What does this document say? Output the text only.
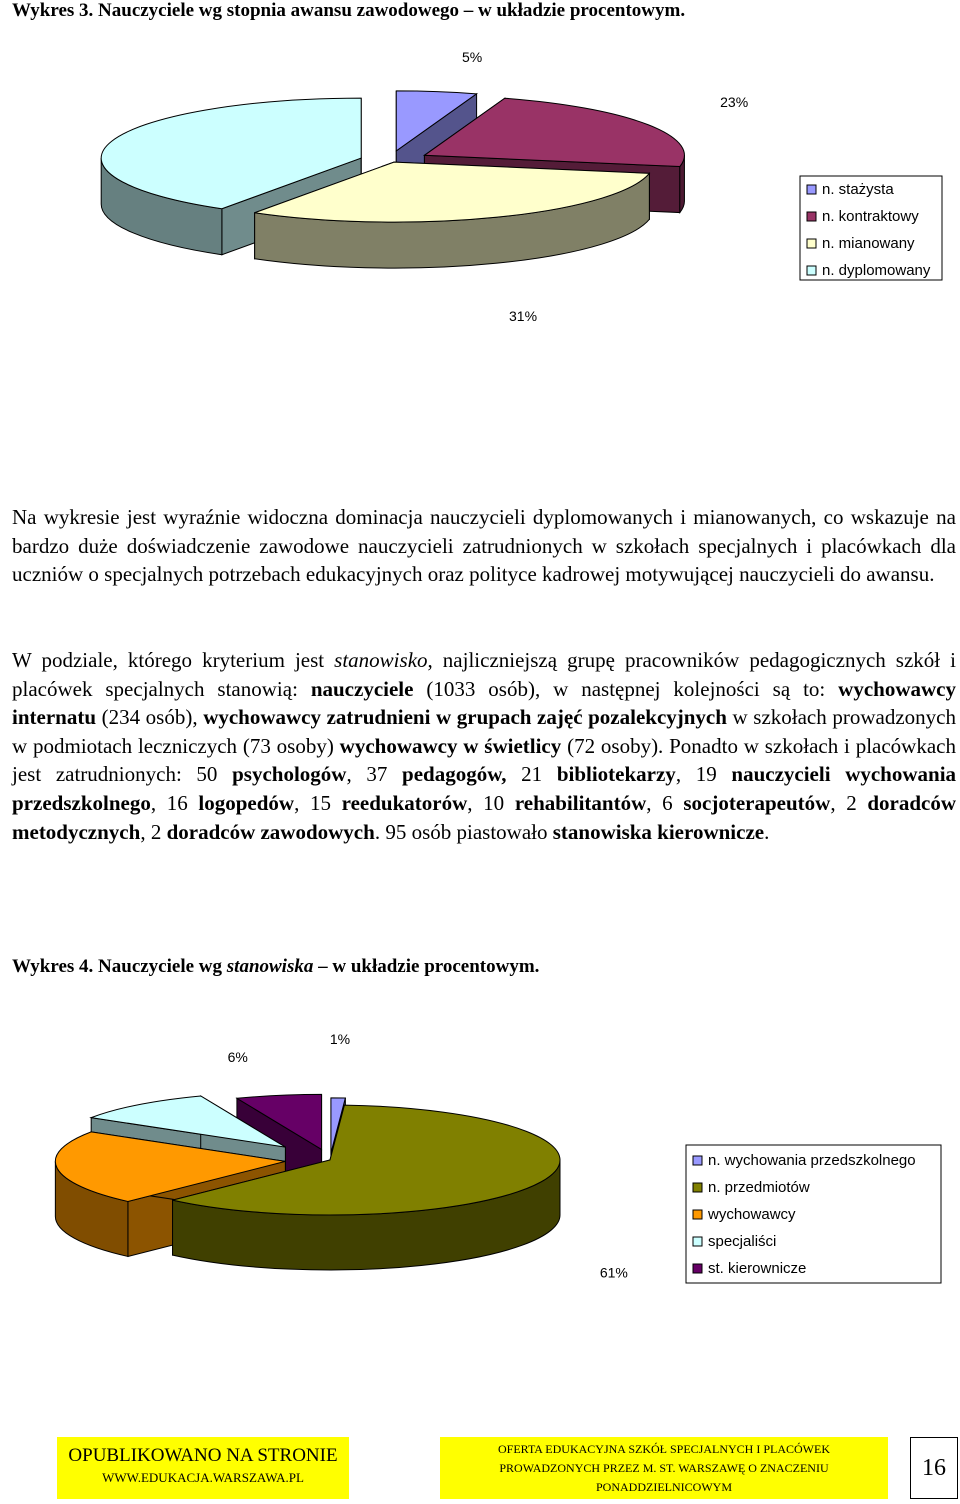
Wykres 3. Nauczyciele wg stopnia awansu zawodowego – w układzie procentowym.
5%
23%
31%
n. stażysta
n. kontraktowy
n. mianowany
n. dyplomowany

Na wykresie jest wyraźnie widoczna dominacja nauczycieli dyplomowanych i mianowanych, co wskazuje na bardzo duże doświadczenie zawodowe nauczycieli zatrudnionych w szkołach specjalnych i placówkach dla uczniów o specjalnych potrzebach edukacyjnych oraz polityce kadrowej motywującej nauczycieli do awansu.

W podziale, którego kryterium jest stanowisko, najliczniejszą grupę pracowników pedagogicznych szkół i placówek specjalnych stanowią: nauczyciele (1033 osób), w następnej kolejności są to: wychowawcy internatu (234 osób), wychowawcy zatrudnieni w grupach zajęć pozalekcyjnych w szkołach prowadzonych w podmiotach leczniczych (73 osoby) wychowawcy w świetlicy (72 osoby). Ponadto w szkołach i placówkach jest zatrudnionych: 50 psychologów, 37 pedagogów, 21 bibliotekarzy, 19 nauczycieli wychowania przedszkolnego, 16 logopedów, 15 reedukatorów, 10 rehabilitantów, 6 socjoterapeutów, 2 doradców metodycznych, 2 doradców zawodowych. 95 osób piastowało stanowiska kierownicze.

Wykres 4. Nauczyciele wg stanowiska – w układzie procentowym.
1%
61%
6%
n. wychowania przedszkolnego
n. przedmiotów
wychowawcy
specjaliści
st. kierownicze
OPUBLIKOWANO NA STRONIE
WWW.EDUKACJA.WARSZAWA.PL
OFERTA EDUKACYJNA SZKÓŁ SPECJALNYCH I PLACÓWEK
PROWADZONYCH PRZEZ M. ST. WARSZAWĘ O ZNACZENIU
PONADDZIELNICOWYM
16
